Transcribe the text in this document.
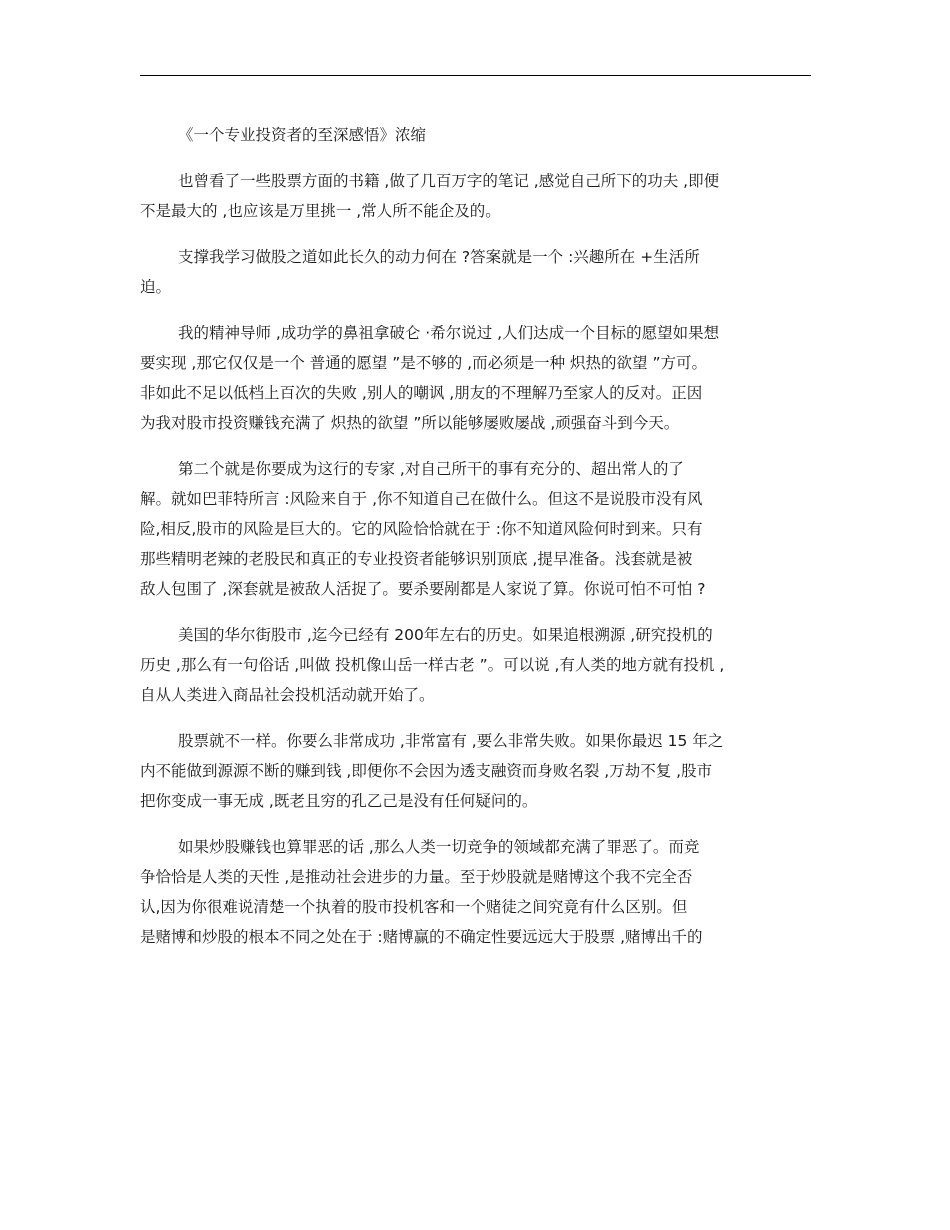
《一个专业投资者的至深感悟》浓缩

也曾看了一些股票方面的书籍 ,做了几百万字的笔记 ,感觉自己所下的功夫 ,即便
不是最大的 ,也应该是万里挑一 ,常人所不能企及的。
支撑我学习做股之道如此长久的动力何在 ?答案就是一个 :兴趣所在 +生活所
迫。
我的精神导师 ,成功学的鼻祖拿破仑 ·希尔说过 ,人们达成一个目标的愿望如果想
要实现 ,那它仅仅是一个 普通的愿望 ”是不够的 ,而必须是一种 炽热的欲望 ”方可。
非如此不足以低档上百次的失败 ,别人的嘲讽 ,朋友的不理解乃至家人的反对。正因
为我对股市投资赚钱充满了 炽热的欲望 ”所以能够屡败屡战 ,顽强奋斗到今天。
第二个就是你要成为这行的专家 ,对自己所干的事有充分的、超出常人的了
解。就如巴菲特所言 :风险来自于 ,你不知道自己在做什么。但这不是说股市没有风
险,相反,股市的风险是巨大的。它的风险恰恰就在于 :你不知道风险何时到来。只有
那些精明老辣的老股民和真正的专业投资者能够识别顶底 ,提早准备。浅套就是被
敌人包围了 ,深套就是被敌人活捉了。要杀要剐都是人家说了算。你说可怕不可怕 ?
美国的华尔街股市 ,迄今已经有 200年左右的历史。如果追根溯源 ,研究投机的
历史 ,那么有一句俗话 ,叫做 投机像山岳一样古老 ”。可以说 ,有人类的地方就有投机 ,
自从人类进入商品社会投机活动就开始了。
股票就不一样。你要么非常成功 ,非常富有 ,要么非常失败。如果你最迟 15 年之
内不能做到源源不断的赚到钱 ,即便你不会因为透支融资而身败名裂 ,万劫不复 ,股市
把你变成一事无成 ,既老且穷的孔乙己是没有任何疑问的。
如果炒股赚钱也算罪恶的话 ,那么人类一切竞争的领域都充满了罪恶了。而竞
争恰恰是人类的天性 ,是推动社会进步的力量。至于炒股就是赌博这个我不完全否
认,因为你很难说清楚一个执着的股市投机客和一个赌徒之间究竟有什么区别。但
是赌博和炒股的根本不同之处在于 :赌博赢的不确定性要远远大于股票 ,赌博出千的
